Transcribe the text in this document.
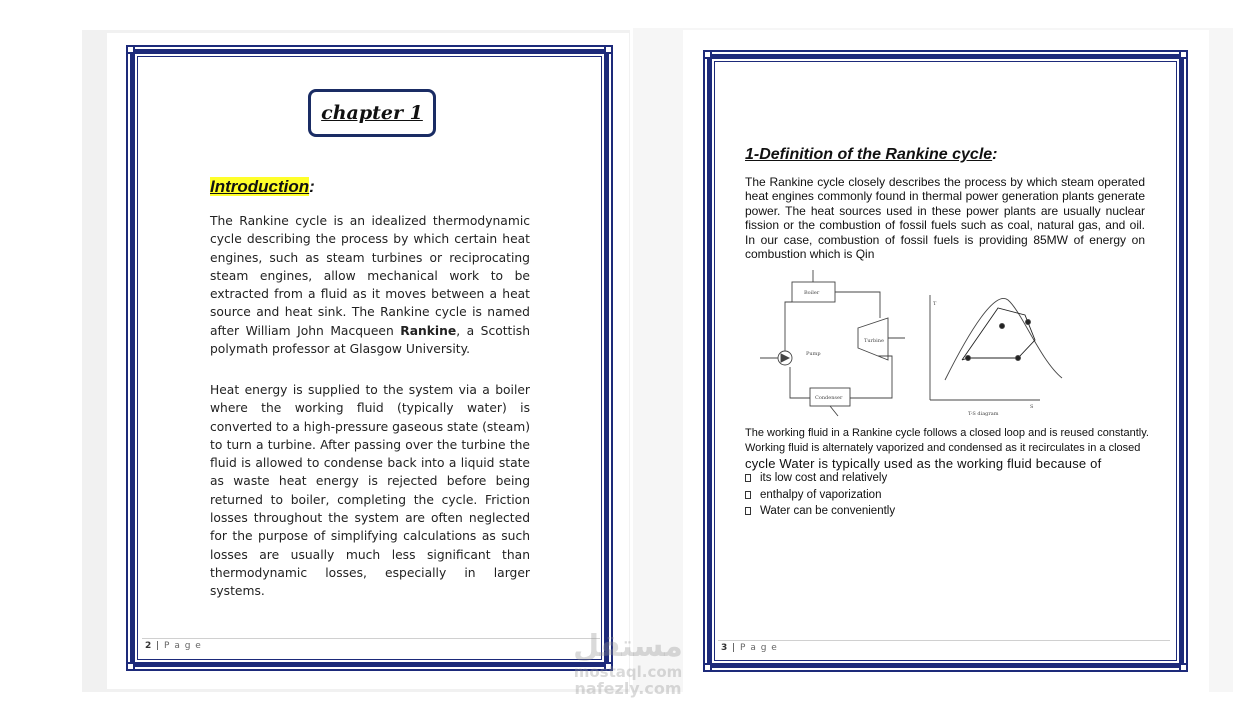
chapter 1
Introduction:

The Rankine cycle is an idealized thermodynamic cycle describing the process by which certain heat engines, such as steam turbines or reciprocating steam engines, allow mechanical work to be extracted from a fluid as it moves between a heat source and heat sink. The Rankine cycle is named after William John Macqueen Rankine, a Scottish polymath professor at Glasgow University.

Heat energy is supplied to the system via a boiler where the working fluid (typically water) is converted to a high-pressure gaseous state (steam) to turn a turbine. After passing over the turbine the fluid is allowed to condense back into a liquid state as waste heat energy is rejected before being returned to boiler, completing the cycle. Friction losses throughout the system are often neglected for the purpose of simplifying calculations as such losses are usually much less significant than thermodynamic losses, especially in larger systems.

2 | P a g e
1-Definition of the Rankine cycle:

The Rankine cycle closely describes the process by which steam operated heat engines commonly found in thermal power generation plants generate power. The heat sources used in these power plants are usually nuclear fission or the combustion of fossil fuels such as coal, natural gas, and oil. In our case, combustion of fossil fuels is providing 85MW of energy on combustion which is Qin

Boiler
Turbine
Condenser
Pump
T
S
T-S diagram
The working fluid in a Rankine cycle follows a closed loop and is reused constantly.
Working fluid is alternately vaporized and condensed as it recirculates in a closed
cycle Water is typically used as the working fluid because of
its low cost and relatively
enthalpy of vaporization
Water can be conveniently
3 | P a g e
مستقل
mostaql.com
nafezly.com
